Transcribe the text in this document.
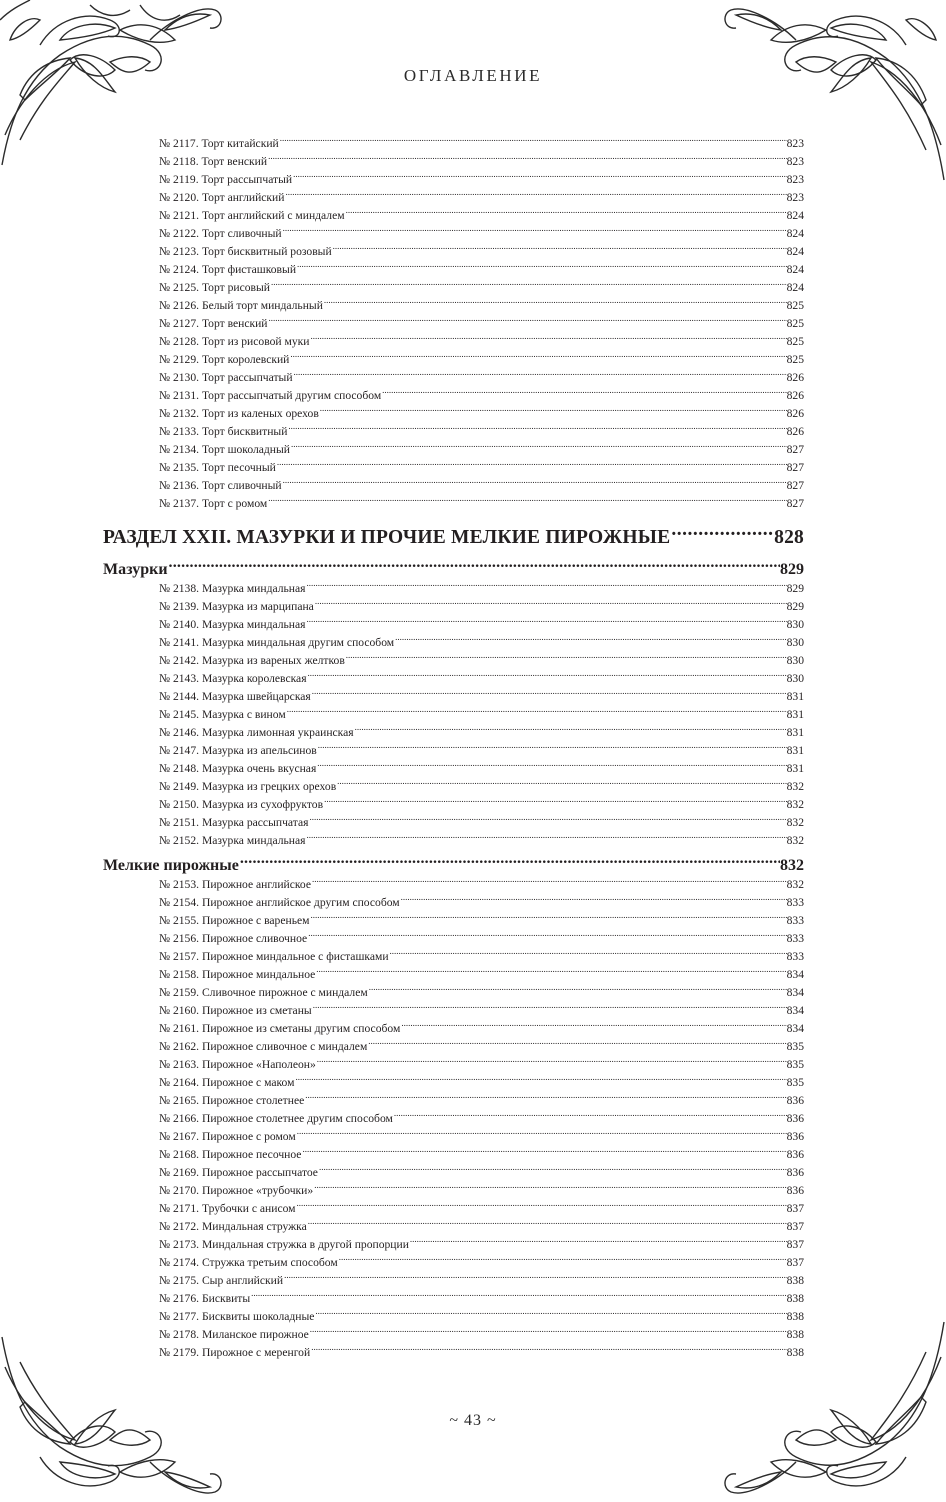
ОГЛАВЛЕНИЕ
№ 2117. Торт китайский .....	823
№ 2118. Торт венский .....	823
№ 2119. Торт рассыпчатый .....	823
№ 2120. Торт английский .....	823
№ 2121. Торт английский с миндалем .....	824
№ 2122. Торт сливочный .....	824
№ 2123. Торт бисквитный розовый .....	824
№ 2124. Торт фисташковый .....	824
№ 2125. Торт рисовый .....	824
№ 2126. Белый торт миндальный .....	825
№ 2127. Торт венский .....	825
№ 2128. Торт из рисовой муки .....	825
№ 2129. Торт королевский .....	825
№ 2130. Торт рассыпчатый .....	826
№ 2131. Торт рассыпчатый другим способом .....	826
№ 2132. Торт из каленых орехов .....	826
№ 2133. Торт бисквитный .....	826
№ 2134. Торт шоколадный .....	827
№ 2135. Торт песочный .....	827
№ 2136. Торт сливочный .....	827
№ 2137. Торт с ромом .....	827
РАЗДЕЛ XXII. МАЗУРКИ И ПРОЧИЕ МЕЛКИЕ ПИРОЖНЫЕ .....	828
Мазурки .....	829
№ 2138. Мазурка миндальная .....	829
№ 2139. Мазурка из марципана .....	829
№ 2140. Мазурка миндальная .....	830
№ 2141. Мазурка миндальная другим способом .....	830
№ 2142. Мазурка из вареных желтков .....	830
№ 2143. Мазурка королевская .....	830
№ 2144. Мазурка швейцарская .....	831
№ 2145. Мазурка с вином .....	831
№ 2146. Мазурка лимонная украинская .....	831
№ 2147. Мазурка из апельсинов .....	831
№ 2148. Мазурка очень вкусная .....	831
№ 2149. Мазурка из грецких орехов .....	832
№ 2150. Мазурка из сухофруктов .....	832
№ 2151. Мазурка рассыпчатая .....	832
№ 2152. Мазурка миндальная .....	832
Мелкие пирожные .....	832
№ 2153. Пирожное английское .....	832
№ 2154. Пирожное английское другим способом .....	833
№ 2155. Пирожное с вареньем .....	833
№ 2156. Пирожное сливочное .....	833
№ 2157. Пирожное миндальное с фисташками .....	833
№ 2158. Пирожное миндальное .....	834
№ 2159. Сливочное пирожное с миндалем .....	834
№ 2160. Пирожное из сметаны .....	834
№ 2161. Пирожное из сметаны другим способом .....	834
№ 2162. Пирожное сливочное с миндалем .....	835
№ 2163. Пирожное «Наполеон» .....	835
№ 2164. Пирожное с маком .....	835
№ 2165. Пирожное столетнее .....	836
№ 2166. Пирожное столетнее другим способом .....	836
№ 2167. Пирожное с ромом .....	836
№ 2168. Пирожное песочное .....	836
№ 2169. Пирожное рассыпчатое .....	836
№ 2170. Пирожное «трубочки» .....	836
№ 2171. Трубочки с анисом .....	837
№ 2172. Миндальная стружка .....	837
№ 2173. Миндальная стружка в другой пропорции .....	837
№ 2174. Стружка третьим способом .....	837
№ 2175. Сыр английский .....	838
№ 2176. Бисквиты .....	838
№ 2177. Бисквиты шоколадные .....	838
№ 2178. Миланское пирожное .....	838
№ 2179. Пирожное с меренгой .....	838
~ 43 ~
